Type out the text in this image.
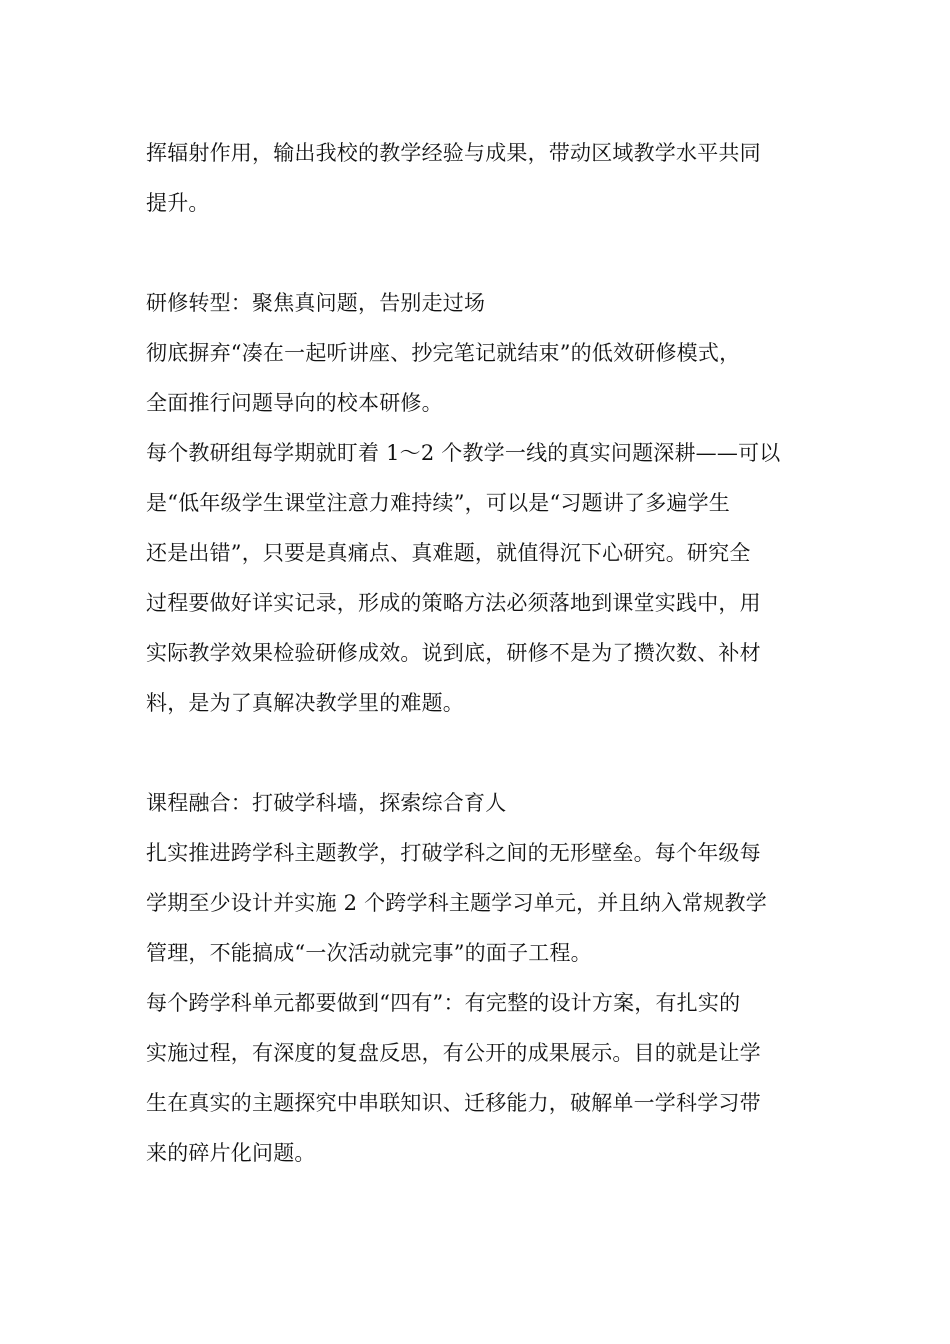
挥辐射作用，输出我校的教学经验与成果，带动区域教学水平共同

提升。

研修转型：聚焦真问题，告别走过场

彻底摒弃“凑在一起听讲座、抄完笔记就结束”的低效研修模式，

全面推行问题导向的校本研修。

每个教研组每学期就盯着 1～2 个教学一线的真实问题深耕——可以

是“低年级学生课堂注意力难持续”，可以是“习题讲了多遍学生

还是出错”，只要是真痛点、真难题，就值得沉下心研究。研究全

过程要做好详实记录，形成的策略方法必须落地到课堂实践中，用

实际教学效果检验研修成效。说到底，研修不是为了攒次数、补材

料，是为了真解决教学里的难题。

课程融合：打破学科墙，探索综合育人

扎实推进跨学科主题教学，打破学科之间的无形壁垒。每个年级每

学期至少设计并实施 2 个跨学科主题学习单元，并且纳入常规教学

管理，不能搞成“一次活动就完事”的面子工程。

每个跨学科单元都要做到“四有”：有完整的设计方案，有扎实的

实施过程，有深度的复盘反思，有公开的成果展示。目的就是让学

生在真实的主题探究中串联知识、迁移能力，破解单一学科学习带

来的碎片化问题。
